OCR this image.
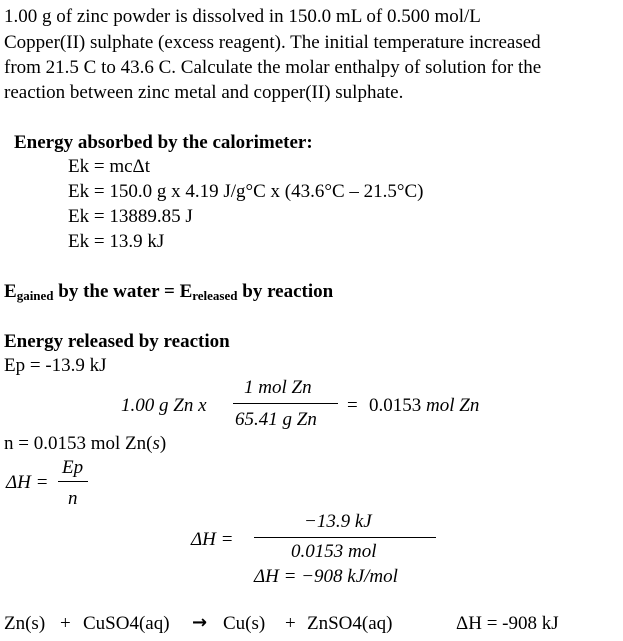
1.00 g of zinc powder is dissolved in 150.0 mL of 0.500 mol/L
Copper(II) sulphate (excess reagent). The initial temperature increased
from 21.5 C to 43.6 C. Calculate the molar enthalpy of solution for the
reaction between zinc metal and copper(II) sulphate.
Energy absorbed by the calorimeter:
Ek = mcΔt
Ek = 150.0 g x 4.19 J/g°C x (43.6°C – 21.5°C)
Ek = 13889.85 J
Ek = 13.9 kJ
Egained by the water = Ereleased by reaction
Energy released by reaction
Ep = -13.9 kJ
1.00 g Zn x
1 mol Zn
65.41 g Zn
= 0.0153 mol Zn
n = 0.0153 mol Zn(s)
ΔH =
Ep
n
ΔH =
−13.9 kJ
0.0153 mol
ΔH = −908 kJ/mol
Zn(s) + CuSO4(aq) → Cu(s) + ZnSO4(aq)	ΔH = -908 kJ
